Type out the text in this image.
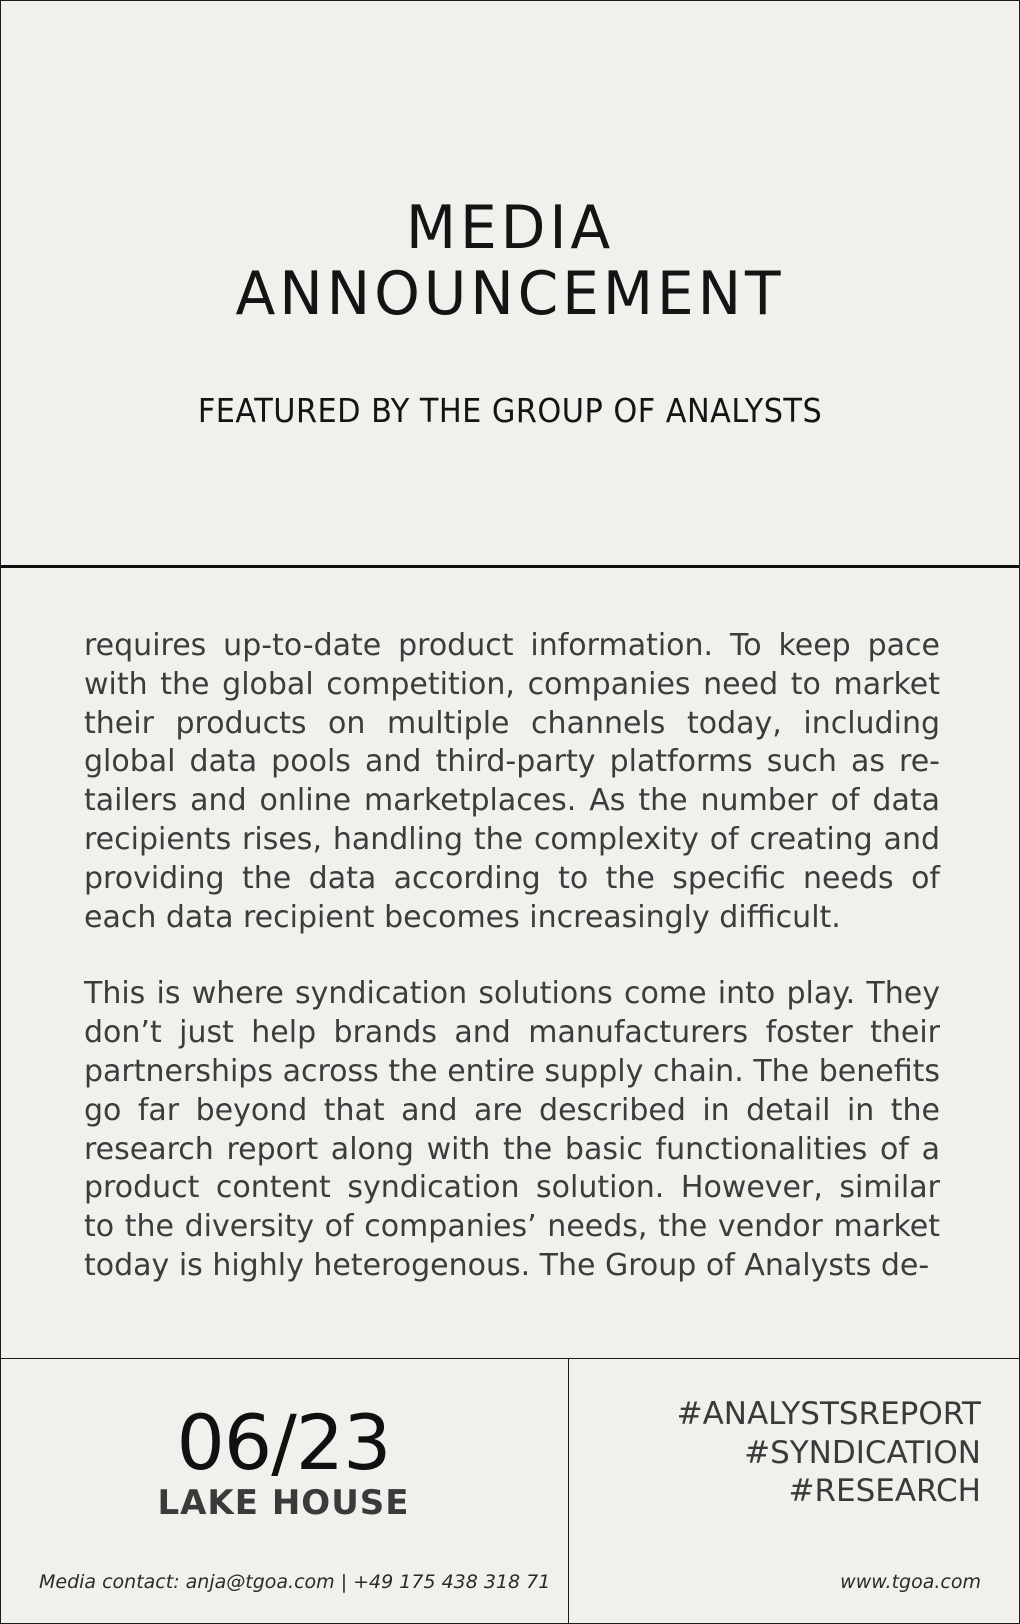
MEDIA
ANNOUNCEMENT
FEATURED BY THE GROUP OF ANALYSTS

requires up-to-date product information. To keep pace with the global competition, companies need to market their products on multiple channels today, including global data pools and third-party platforms such as retailers and online marketplaces. As the number of data recipients rises, handling the complexity of creating and providing the data according to the specific needs of each data recipient becomes increasingly difficult.

This is where syndication solutions come into play. They don’t just help brands and manufacturers foster their partnerships across the entire supply chain. The benefits go far beyond that and are described in detail in the research report along with the basic functionalities of a product content syndication solution. However, similar to the diversity of companies’ needs, the vendor market today is highly heterogenous. The Group of Analysts de-

06/23
LAKE HOUSE
Media contact: anja@tgoa.com | +49 175 438 318 71
#ANALYSTSREPORT
#SYNDICATION
#RESEARCH
www.tgoa.com
